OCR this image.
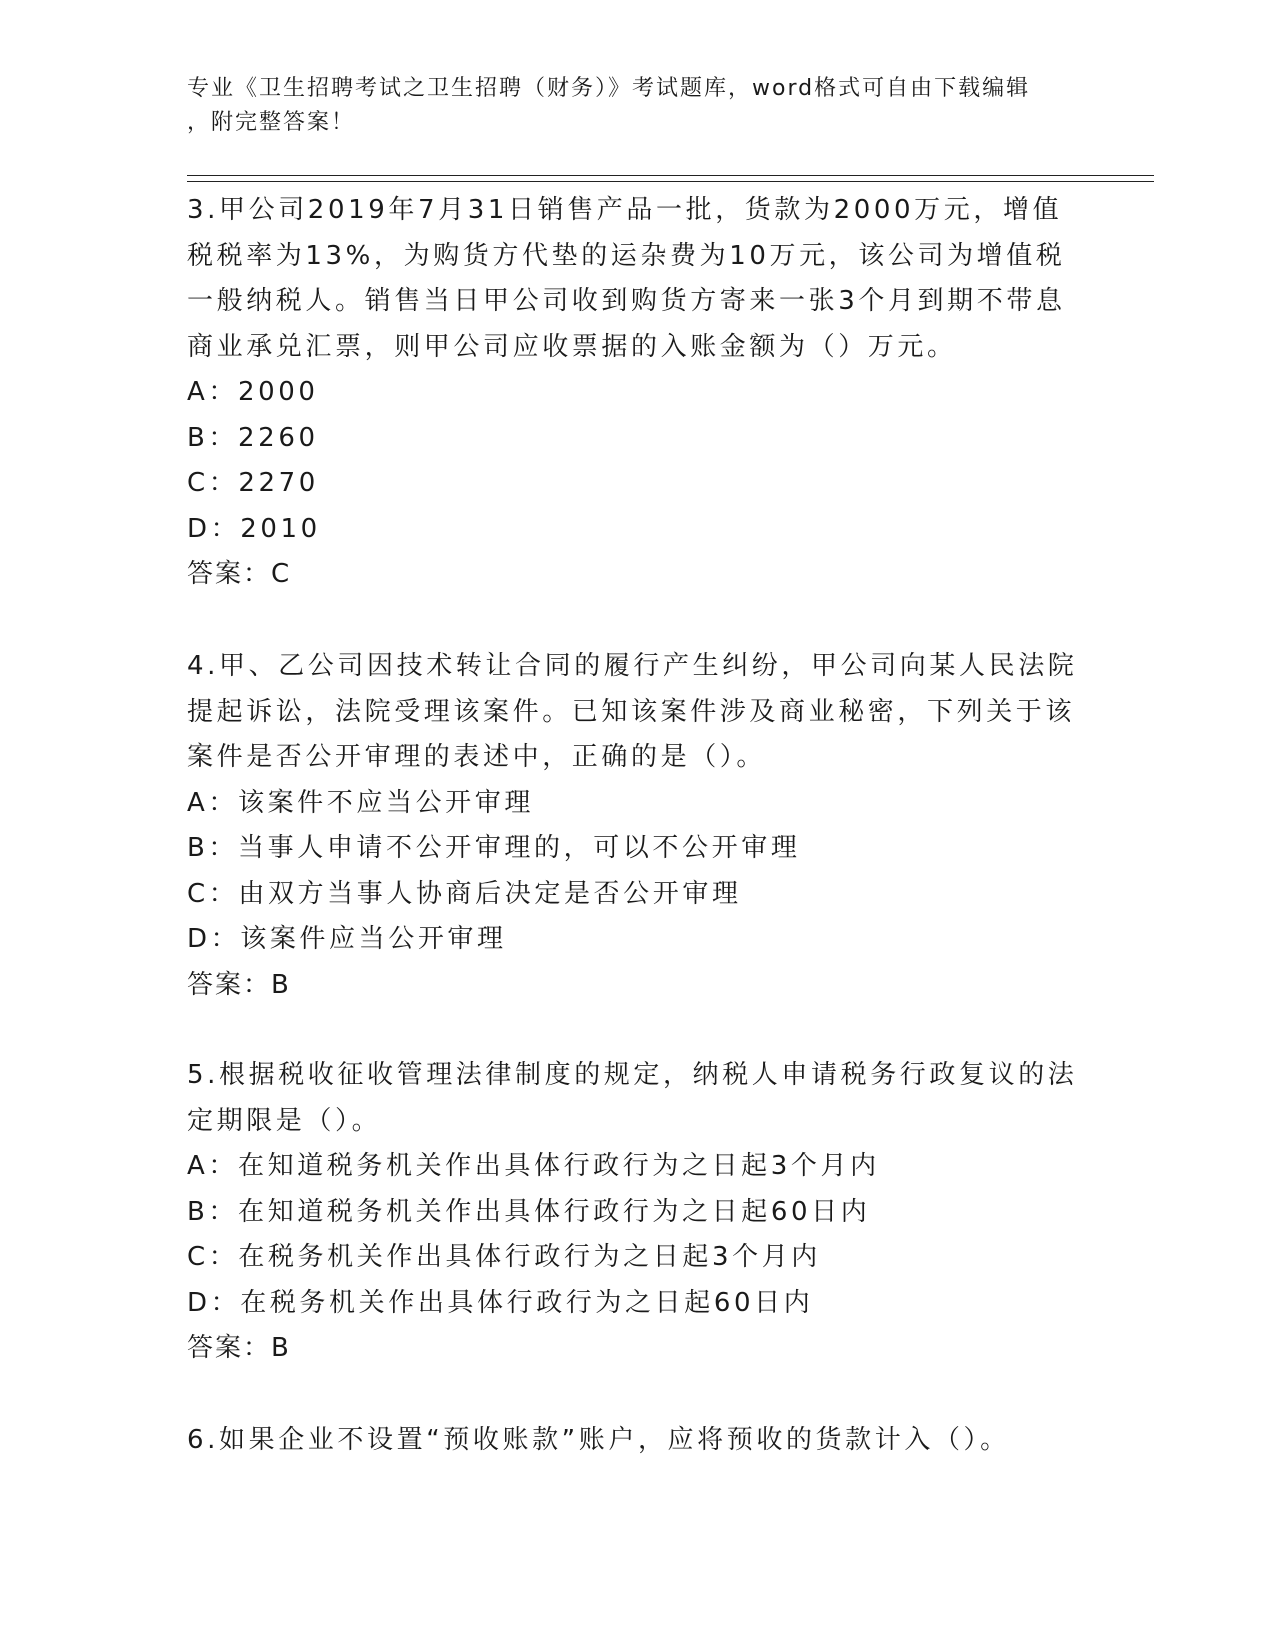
专业《卫生招聘考试之卫生招聘（财务）》考试题库，word格式可自由下载编辑
，附完整答案！

3.甲公司2019年7月31日销售产品一批，货款为2000万元，增值税税率为13%，为购货方代垫的运杂费为10万元，该公司为增值税一般纳税人。销售当日甲公司收到购货方寄来一张3个月到期不带息商业承兑汇票，则甲公司应收票据的入账金额为（）万元。

A：2000

B：2260

C：2270

D：2010

答案：C

4.甲、乙公司因技术转让合同的履行产生纠纷，甲公司向某人民法院提起诉讼，法院受理该案件。已知该案件涉及商业秘密，下列关于该案件是否公开审理的表述中，正确的是（）。

A：该案件不应当公开审理

B：当事人申请不公开审理的，可以不公开审理

C：由双方当事人协商后决定是否公开审理

D：该案件应当公开审理

答案：B

5.根据税收征收管理法律制度的规定，纳税人申请税务行政复议的法定期限是（）。

A：在知道税务机关作出具体行政行为之日起3个月内

B：在知道税务机关作出具体行政行为之日起60日内

C：在税务机关作出具体行政行为之日起3个月内

D：在税务机关作出具体行政行为之日起60日内

答案：B

6.如果企业不设置“预收账款”账户，应将预收的货款计入（）。
